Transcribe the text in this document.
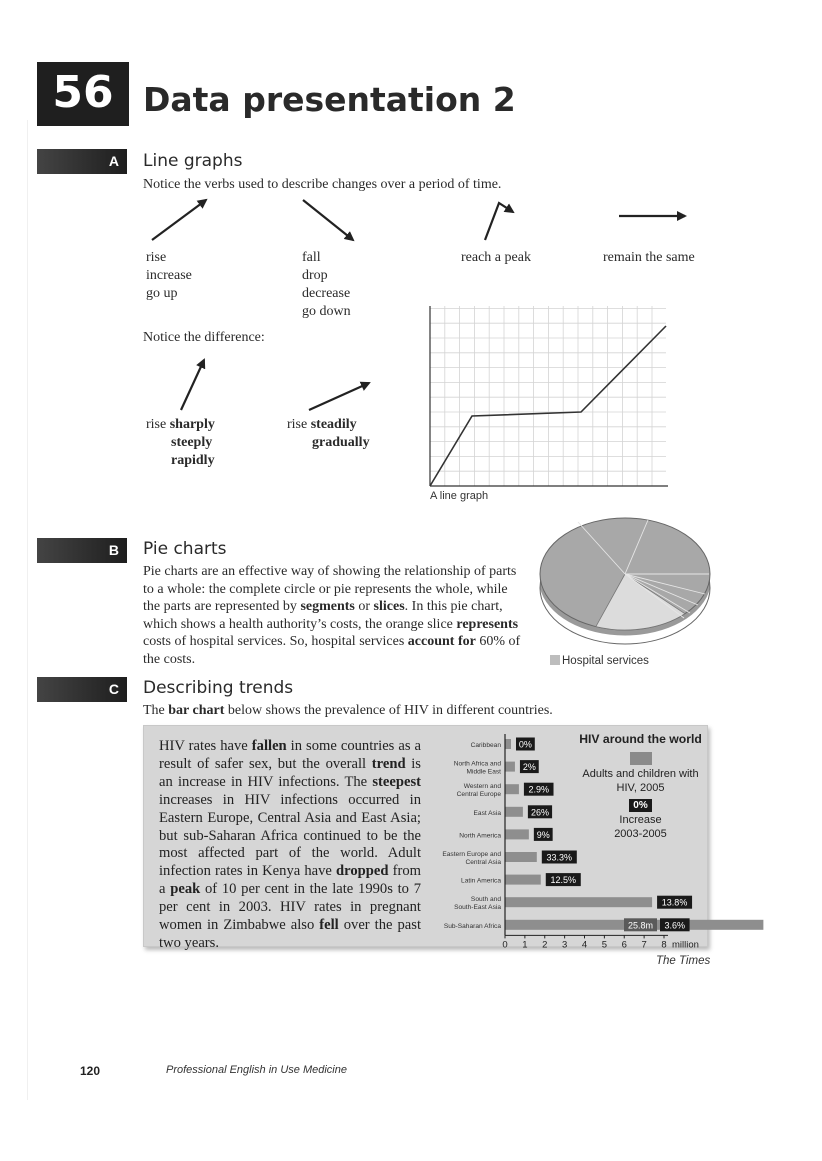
56 Data presentation 2
A	Line graphs
Notice the verbs used to describe changes over a period of time.
rise
increase
go up
fall
drop
decrease
go down
reach a peak	remain the same
Notice the difference:
rise sharply
steeply
rapidly
rise steadily
gradually
A line graph
B	Pie charts

Pie charts are an effective way of showing the relationship of parts to a whole: the complete circle or pie represents the whole, while the parts are represented by segments or slices. In this pie chart, which shows a health authority’s costs, the orange slice represents costs of hospital services. So, hospital services account for 60% of the costs.	Hospital services
C	Describing trends

The bar chart below shows the prevalence of HIV in different countries.

HIV rates have fallen in some countries as a result of safer sex, but the overall trend is an increase in HIV infections. The steepest increases in HIV infections occurred in Eastern Europe, Central Asia and East Asia; but sub-Saharan Africa continued to be the most affected part of the world. Adult infection rates in Kenya have dropped from a peak of 10 per cent in the late 1990s to 7 per cent in 2003. HIV rates in pregnant women in Zimbabwe also fell over the past two years.

Caribbean 0%
North Africa and Middle East 2%
Western and Central Europe	2.9%
East Asia	26%
North America	9%
Eastern Europe and Central Asia	33.3%
Latin America	12.5%
South and South-East Asia	13.8%
Sub-Saharan Africa	3.6%
25.8m
0 1 2 3 4 5 6 7 8 million
HIV around the world
Adults and children with HIV, 2005
0%
Increase 2003-2005
The Times
120	Professional English in Use Medicine
